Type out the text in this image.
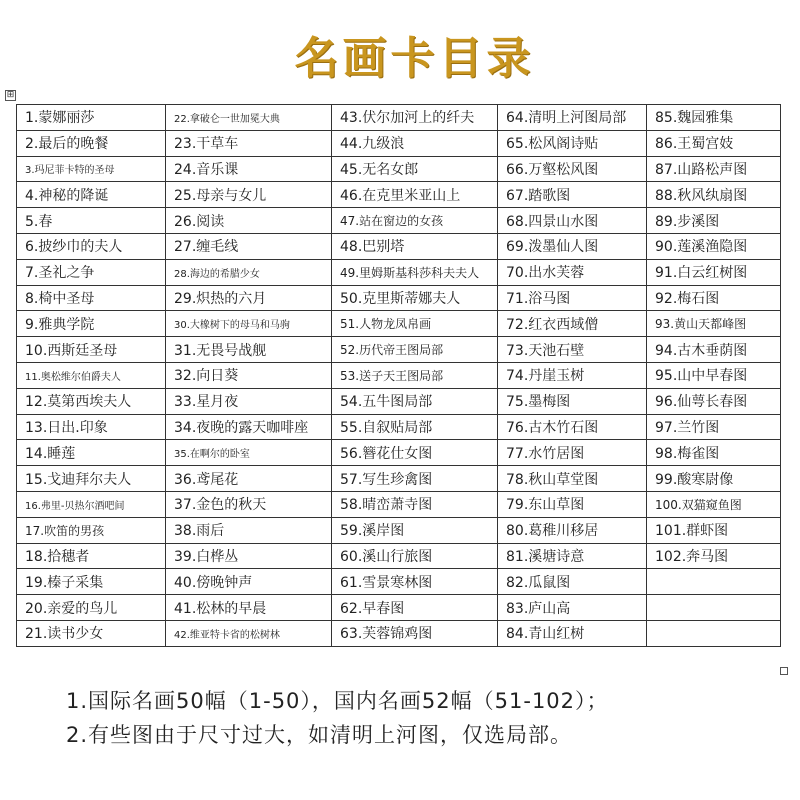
名画卡目录
⊞
1.蒙娜丽莎	22.拿破仑一世加冕大典	43.伏尔加河上的纤夫	64.清明上河图局部	85.魏园雅集
2.最后的晚餐	23.干草车	44.九级浪	65.松风阁诗贴	86.王蜀宫妓
3.玛尼菲卡特的圣母	24.音乐课	45.无名女郎	66.万壑松风图	87.山路松声图
4.神秘的降诞	25.母亲与女儿	46.在克里米亚山上	67.踏歌图	88.秋风纨扇图
5.春	26.阅读	47.站在窗边的女孩	68.四景山水图	89.步溪图
6.披纱巾的夫人	27.缠毛线	48.巴别塔	69.泼墨仙人图	90.莲溪渔隐图
7.圣礼之争	28.海边的希腊少女	49.里姆斯基科莎科夫夫人	70.出水芙蓉	91.白云红树图
8.椅中圣母	29.炽热的六月	50.克里斯蒂娜夫人	71.浴马图	92.梅石图
9.雅典学院	30.大橡树下的母马和马驹	51.人物龙凤帛画	72.红衣西域僧	93.黄山天都峰图
10.西斯廷圣母	31.无畏号战舰	52.历代帝王图局部	73.天池石壁	94.古木垂荫图
11.奥松维尔伯爵夫人	32.向日葵	53.送子天王图局部	74.丹崖玉树	95.山中早春图
12.莫第西埃夫人	33.星月夜	54.五牛图局部	75.墨梅图	96.仙萼长春图
13.日出.印象	34.夜晚的露天咖啡座	55.自叙贴局部	76.古木竹石图	97.兰竹图
14.睡莲	35.在啊尔的卧室	56.簪花仕女图	77.水竹居图	98.梅雀图
15.戈迪拜尔夫人	36.鸢尾花	57.写生珍禽图	78.秋山草堂图	99.酸寒尉像
16.弗里-贝热尔酒吧间	37.金色的秋天	58.晴峦萧寺图	79.东山草图	100.双猫窥鱼图
17.吹笛的男孩	38.雨后	59.溪岸图	80.葛稚川移居	101.群虾图
18.拾穗者	39.白桦丛	60.溪山行旅图	81.溪塘诗意	102.奔马图
19.榛子采集	40.傍晚钟声	61.雪景寒林图	82.瓜鼠图	
20.亲爱的鸟儿	41.松林的早晨	62.早春图	83.庐山高	
21.读书少女	42.维亚特卡省的松树林	63.芙蓉锦鸡图	84.青山红树	
1.国际名画50幅（1-50），国内名画52幅（51-102）；
2.有些图由于尺寸过大，如清明上河图，仅选局部。
